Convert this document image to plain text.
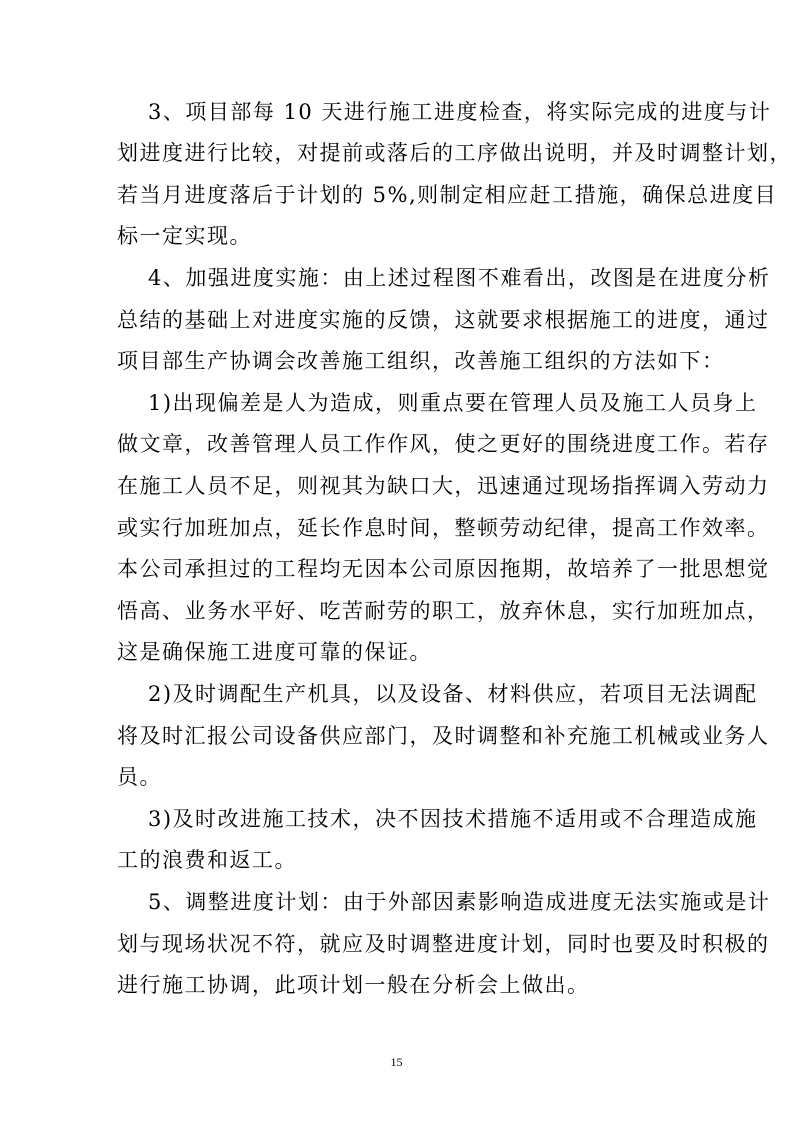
3、项目部每 10 天进行施工进度检查，将实际完成的进度与计
划进度进行比较，对提前或落后的工序做出说明，并及时调整计划，
若当月进度落后于计划的 5%,则制定相应赶工措施，确保总进度目
标一定实现。
4、加强进度实施：由上述过程图不难看出，改图是在进度分析
总结的基础上对进度实施的反馈，这就要求根据施工的进度，通过
项目部生产协调会改善施工组织，改善施工组织的方法如下：
1)出现偏差是人为造成，则重点要在管理人员及施工人员身上
做文章，改善管理人员工作作风，使之更好的围绕进度工作。若存
在施工人员不足，则视其为缺口大，迅速通过现场指挥调入劳动力
或实行加班加点，延长作息时间，整顿劳动纪律，提高工作效率。
本公司承担过的工程均无因本公司原因拖期，故培养了一批思想觉
悟高、业务水平好、吃苦耐劳的职工，放弃休息，实行加班加点，
这是确保施工进度可靠的保证。
2)及时调配生产机具，以及设备、材料供应，若项目无法调配
将及时汇报公司设备供应部门，及时调整和补充施工机械或业务人
员。
3)及时改进施工技术，决不因技术措施不适用或不合理造成施
工的浪费和返工。
5、调整进度计划：由于外部因素影响造成进度无法实施或是计
划与现场状况不符，就应及时调整进度计划，同时也要及时积极的
进行施工协调，此项计划一般在分析会上做出。
15
